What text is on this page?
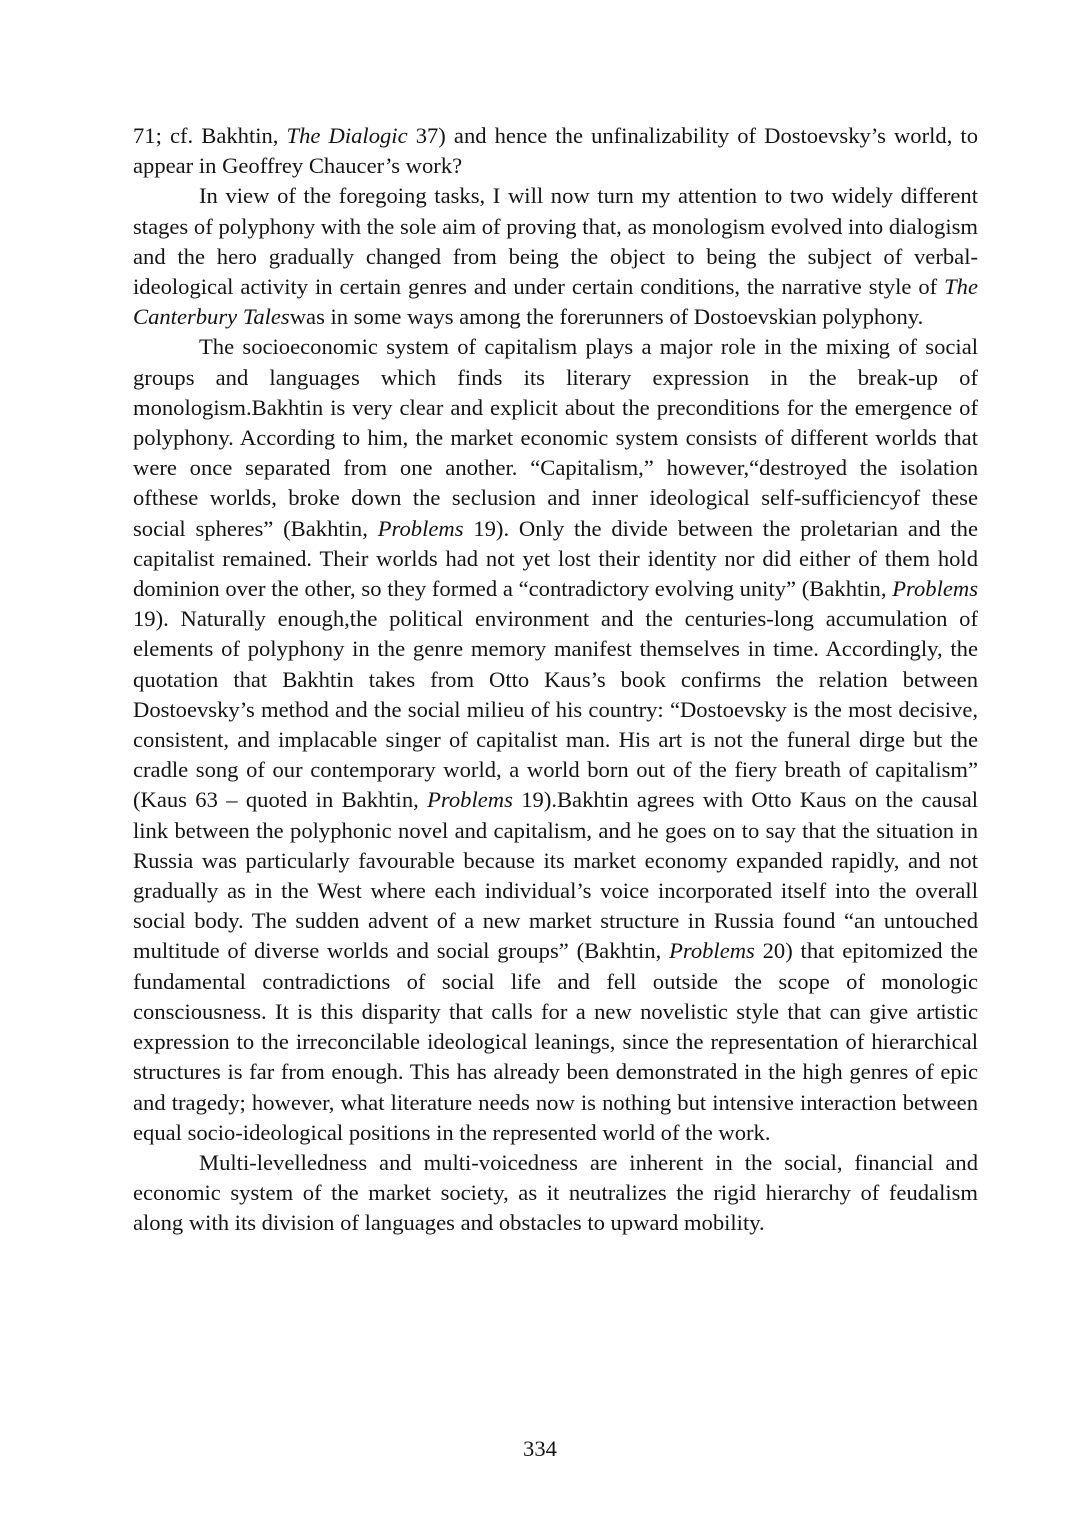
71; cf. Bakhtin, The Dialogic 37) and hence the unfinalizability of Dostoevsky’s world, to appear in Geoffrey Chaucer’s work?

In view of the foregoing tasks, I will now turn my attention to two widely different stages of polyphony with the sole aim of proving that, as monologism evolved into dialogism and the hero gradually changed from being the object to being the subject of verbal-ideological activity in certain genres and under certain conditions, the narrative style of The Canterbury Taleswas in some ways among the forerunners of Dostoevskian polyphony.

The socioeconomic system of capitalism plays a major role in the mixing of social groups and languages which finds its literary expression in the break-up of monologism.Bakhtin is very clear and explicit about the preconditions for the emergence of polyphony. According to him, the market economic system consists of different worlds that were once separated from one another. “Capitalism,” however,“destroyed the isolation ofthese worlds, broke down the seclusion and inner ideological self-sufficiencyof these social spheres” (Bakhtin, Problems 19). Only the divide between the proletarian and the capitalist remained. Their worlds had not yet lost their identity nor did either of them hold dominion over the other, so they formed a “contradictory evolving unity” (Bakhtin, Problems 19). Naturally enough,the political environment and the centuries-long accumulation of elements of polyphony in the genre memory manifest themselves in time. Accordingly, the quotation that Bakhtin takes from Otto Kaus’s book confirms the relation between Dostoevsky’s method and the social milieu of his country: “Dostoevsky is the most decisive, consistent, and implacable singer of capitalist man. His art is not the funeral dirge but the cradle song of our contemporary world, a world born out of the fiery breath of capitalism” (Kaus 63 – quoted in Bakhtin, Problems 19).Bakhtin agrees with Otto Kaus on the causal link between the polyphonic novel and capitalism, and he goes on to say that the situation in Russia was particularly favourable because its market economy expanded rapidly, and not gradually as in the West where each individual’s voice incorporated itself into the overall social body. The sudden advent of a new market structure in Russia found “an untouched multitude of diverse worlds and social groups” (Bakhtin, Problems 20) that epitomized the fundamental contradictions of social life and fell outside the scope of monologic consciousness. It is this disparity that calls for a new novelistic style that can give artistic expression to the irreconcilable ideological leanings, since the representation of hierarchical structures is far from enough. This has already been demonstrated in the high genres of epic and tragedy; however, what literature needs now is nothing but intensive interaction between equal socio-ideological positions in the represented world of the work.

Multi-levelledness and multi-voicedness are inherent in the social, financial and economic system of the market society, as it neutralizes the rigid hierarchy of feudalism along with its division of languages and obstacles to upward mobility.

334
